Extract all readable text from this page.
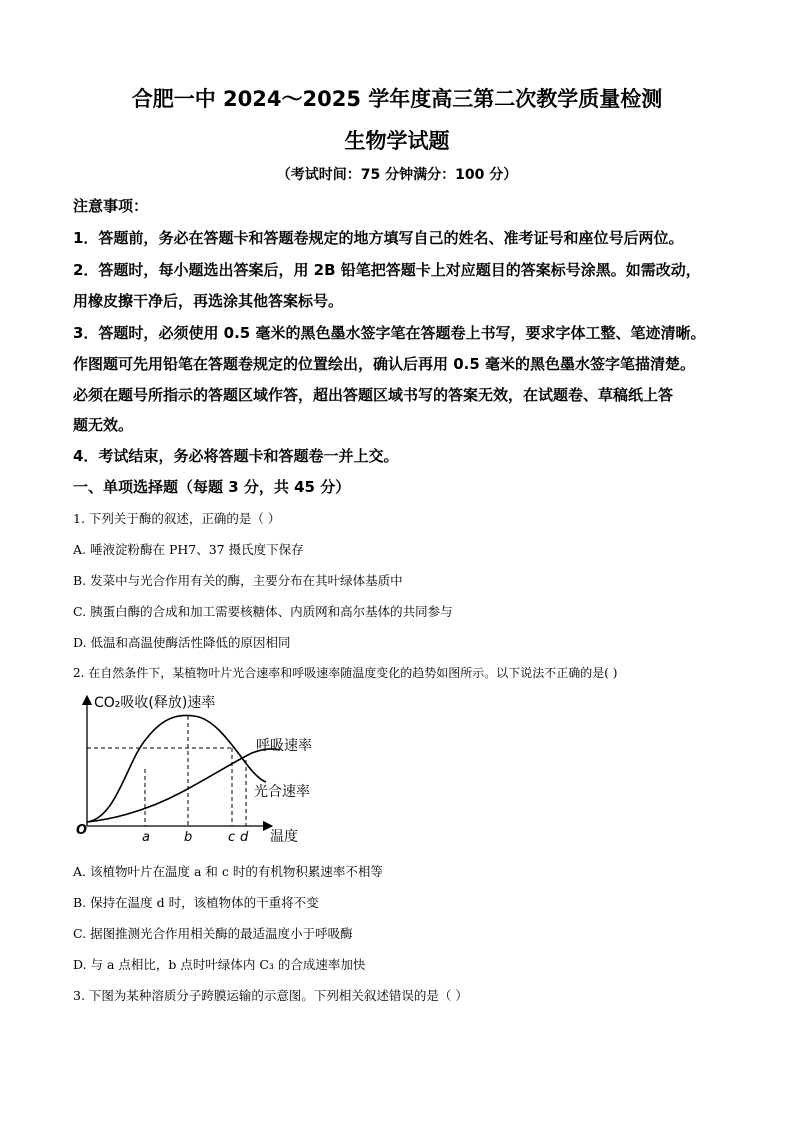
合肥一中 2024～2025 学年度高三第二次教学质量检测
生物学试题
（考试时间：75 分钟满分：100 分）
注意事项：
1．答题前，务必在答题卡和答题卷规定的地方填写自己的姓名、准考证号和座位号后两位。
2．答题时，每小题选出答案后，用 2B 铅笔把答题卡上对应题目的答案标号涂黑。如需改动，
用橡皮擦干净后，再选涂其他答案标号。
3．答题时，必须使用 0.5 毫米的黑色墨水签字笔在答题卷上书写，要求字体工整、笔迹清晰。
作图题可先用铅笔在答题卷规定的位置绘出，确认后再用 0.5 毫米的黑色墨水签字笔描清楚。
必须在题号所指示的答题区域作答，超出答题区域书写的答案无效，在试题卷、草稿纸上答
题无效。
4．考试结束，务必将答题卡和答题卷一并上交。
一、单项选择题（每题 3 分，共 45 分）
1. 下列关于酶的叙述，正确的是（ ）
A. 唾液淀粉酶在 PH7、37 摄氏度下保存
B. 发菜中与光合作用有关的酶，主要分布在其叶绿体基质中
C. 胰蛋白酶的合成和加工需要核糖体、内质网和高尔基体的共同参与
D. 低温和高温使酶活性降低的原因相同
2. 在自然条件下，某植物叶片光合速率和呼吸速率随温度变化的趋势如图所示。以下说法不正确的是( )
CO₂吸收(释放)速率
呼吸速率
光合速率
O	a	b	c d 温度
A. 该植物叶片在温度 a 和 c 时的有机物积累速率不相等
B. 保持在温度 d 时，该植物体的干重将不变
C. 据图推测光合作用相关酶的最适温度小于呼吸酶
D. 与 a 点相比，b 点时叶绿体内 C₃ 的合成速率加快
3. 下图为某种溶质分子跨膜运输的示意图。下列相关叙述错误的是（ ）
